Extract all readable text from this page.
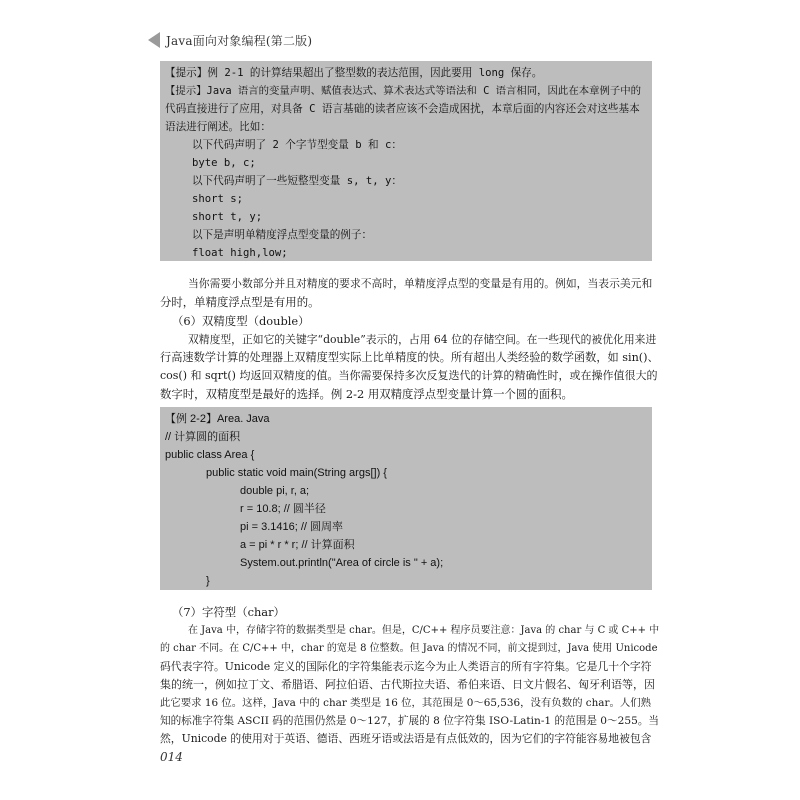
Java面向对象编程(第二版)
【提示】例 2-1 的计算结果超出了整型数的表达范围，因此要用 long 保存。
【提示】Java 语言的变量声明、赋值表达式、算术表达式等语法和 C 语言相同，因此在本章例子中的
代码直接进行了应用，对具备 C 语言基础的读者应该不会造成困扰，本章后面的内容还会对这些基本
语法进行阐述。比如：
以下代码声明了 2 个字节型变量 b 和 c：
byte b, c;
以下代码声明了一些短整型变量 s, t, y：
short s;
short t, y;
以下是声明单精度浮点型变量的例子：
float high,low;
当你需要小数部分并且对精度的要求不高时，单精度浮点型的变量是有用的。例如，当表示美元和
分时，单精度浮点型是有用的。
（6）双精度型（double）
双精度型，正如它的关键字“double”表示的，占用 64 位的存储空间。在一些现代的被优化用来进
行高速数学计算的处理器上双精度型实际上比单精度的快。所有超出人类经验的数学函数，如 sin()、
cos() 和 sqrt() 均返回双精度的值。当你需要保持多次反复迭代的计算的精确性时，或在操作值很大的
数字时，双精度型是最好的选择。例 2-2 用双精度浮点型变量计算一个圆的面积。
【例 2-2】Area. Java
// 计算圆的面积
public class Area {
public static void main(String args[]) {
double pi, r, a;
r = 10.8; // 圆半径
pi = 3.1416; // 圆周率
a = pi * r * r; // 计算面积
System.out.println("Area of circle is " + a);
}
（7）字符型（char）
在 Java 中，存储字符的数据类型是 char。但是，C/C++ 程序员要注意：Java 的 char 与 C 或 C++ 中
的 char 不同。在 C/C++ 中，char 的宽是 8 位整数。但 Java 的情况不同，前文提到过，Java 使用 Unicode
码代表字符。Unicode 定义的国际化的字符集能表示迄今为止人类语言的所有字符集。它是几十个字符
集的统一，例如拉丁文、希腊语、阿拉伯语、古代斯拉夫语、希伯来语、日文片假名、匈牙利语等，因
此它要求 16 位。这样，Java 中的 char 类型是 16 位，其范围是 0～65,536，没有负数的 char。人们熟
知的标准字符集 ASCII 码的范围仍然是 0～127，扩展的 8 位字符集 ISO-Latin-1 的范围是 0～255。当
然，Unicode 的使用对于英语、德语、西班牙语或法语是有点低效的，因为它们的字符能容易地被包含
014
